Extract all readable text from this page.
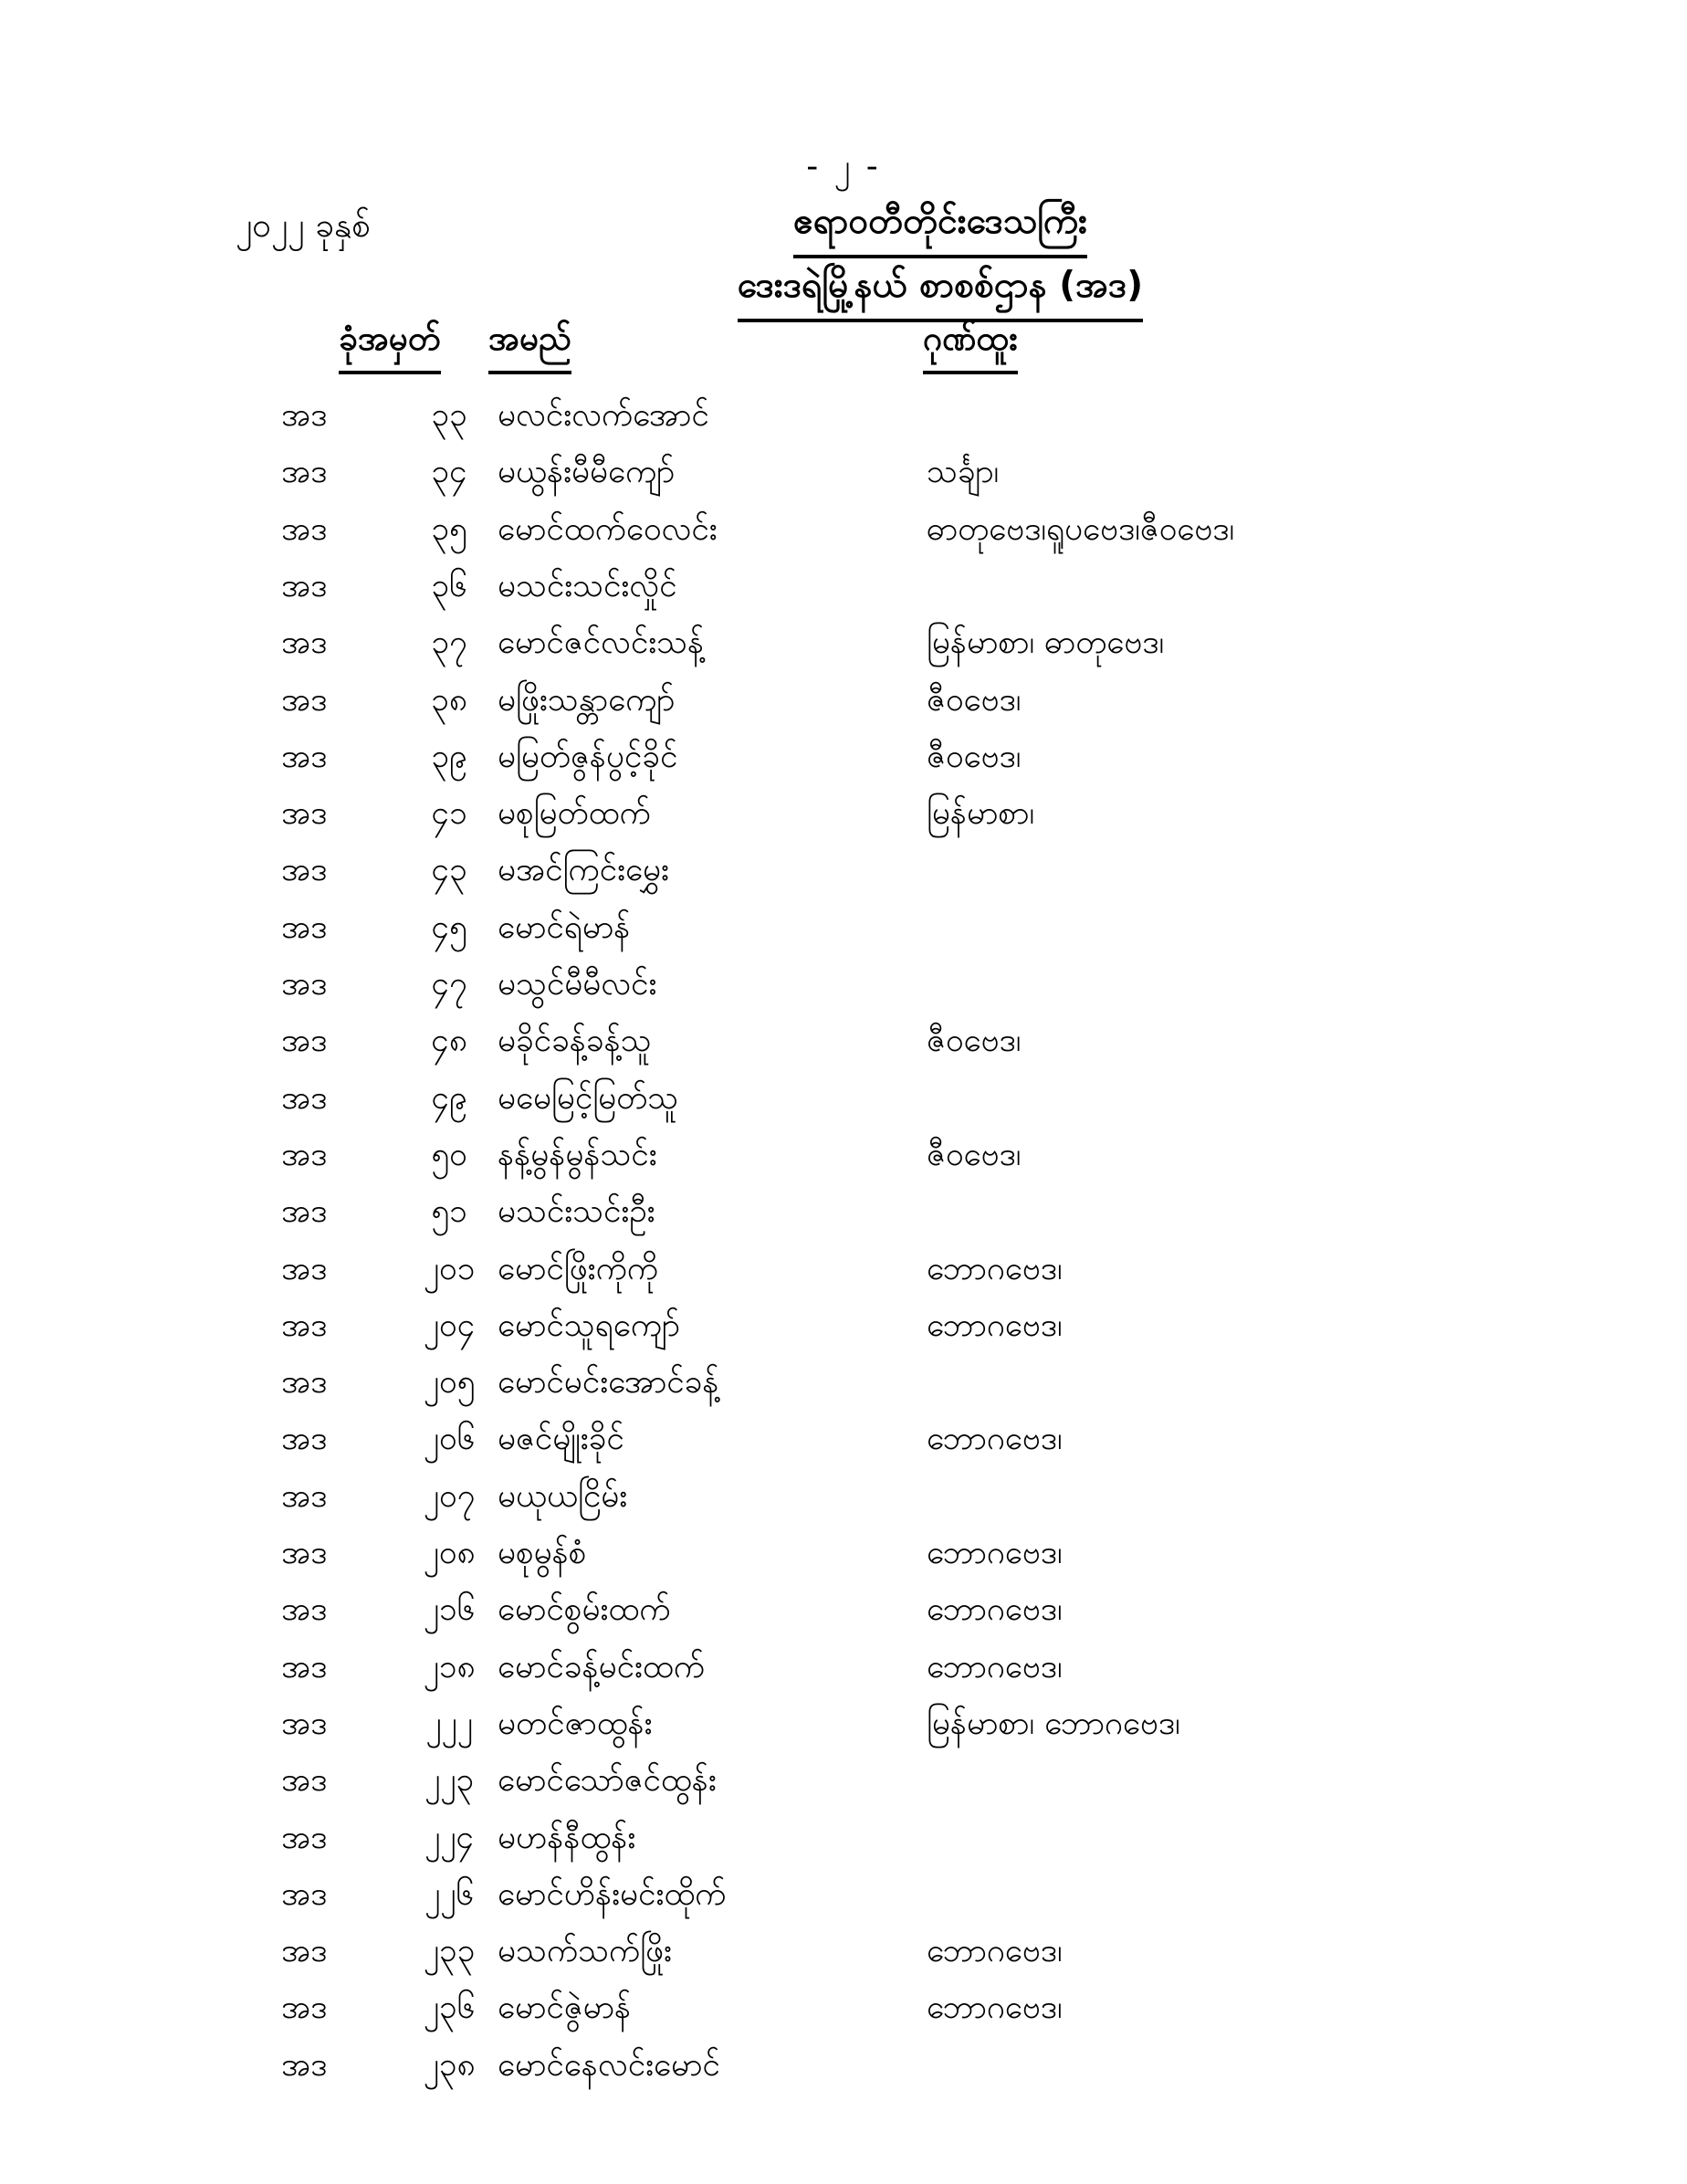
- ၂ -
၂၀၂၂ ခုနှစ်	ဧရာဝတီတိုင်းဒေသကြီး
ဒေးဒရဲမြို့နယ် စာစစ်ဌာန (အဒ)
ခုံအမှတ် အမည်	ဂုဏ်ထူး
အဒ	၃၃ မလင်းလက်အောင်
အဒ	၃၄ မယွန်းမီမီကျော်	သင်္ချာ၊
အဒ	၃၅ မောင်ထက်ဝေလင်း	ဓာတုဗေဒ၊ရူပဗေဒ၊ဇီဝဗေဒ၊
အဒ	၃၆ မသင်းသင်းလှိုင်
အဒ	၃၇ မောင်ဇင်လင်းသန့်	မြန်မာစာ၊ ဓာတုဗေဒ၊
အဒ	၃၈ မဖြိုးသန္တာကျော်	ဇီဝဗေဒ၊
အဒ	၃၉ မမြတ်ဇွန်ပွင့်ခိုင်	ဇီဝဗေဒ၊
အဒ	၄၁ မစုမြတ်ထက်	မြန်မာစာ၊
အဒ	၄၃ မအင်ကြင်းမွှေး
အဒ	၄၅ မောင်ရဲမာန်
အဒ	၄၇ မသွင်မီမီလင်း
အဒ	၄၈ မခိုင်ခန့်ခန့်သူ	ဇီဝဗေဒ၊
အဒ	၄၉ မမေမြင့်မြတ်သူ
အဒ	၅၀ နန့်မွန်မွန်သင်း	ဇီဝဗေဒ၊
အဒ	၅၁ မသင်းသင်းဦး
အဒ	၂၀၁ မောင်ဖြိုးကိုကို	ဘောဂဗေဒ၊
အဒ	၂၀၄ မောင်သူရကျော်	ဘောဂဗေဒ၊
အဒ	၂၀၅ မောင်မင်းအောင်ခန့်
အဒ	၂၀၆ မဇင်မျိုးခိုင်	ဘောဂဗေဒ၊
အဒ	၂၀၇ မယုယငြိမ်း
အဒ	၂၀၈ မစုမွန်စံ	ဘောဂဗေဒ၊
အဒ	၂၁၆ မောင်စွမ်းထက်	ဘောဂဗေဒ၊
အဒ	၂၁၈ မောင်ခန့်မင်းထက်	ဘောဂဗေဒ၊
အဒ	၂၂၂ မတင်ဇာထွန်း	မြန်မာစာ၊ ဘောဂဗေဒ၊
အဒ	၂၂၃ မောင်သော်ဇင်ထွန်း
အဒ	၂၂၄ မဟန်နီထွန်း
အဒ	၂၂၆ မောင်ဟိန်းမင်းထိုက်
အဒ	၂၃၃ မသက်သက်ဖြိုး	ဘောဂဗေဒ၊
အဒ	၂၃၆ မောင်ဇွဲမာန်	ဘောဂဗေဒ၊
အဒ	၂၃၈ မောင်နေလင်းမောင်
